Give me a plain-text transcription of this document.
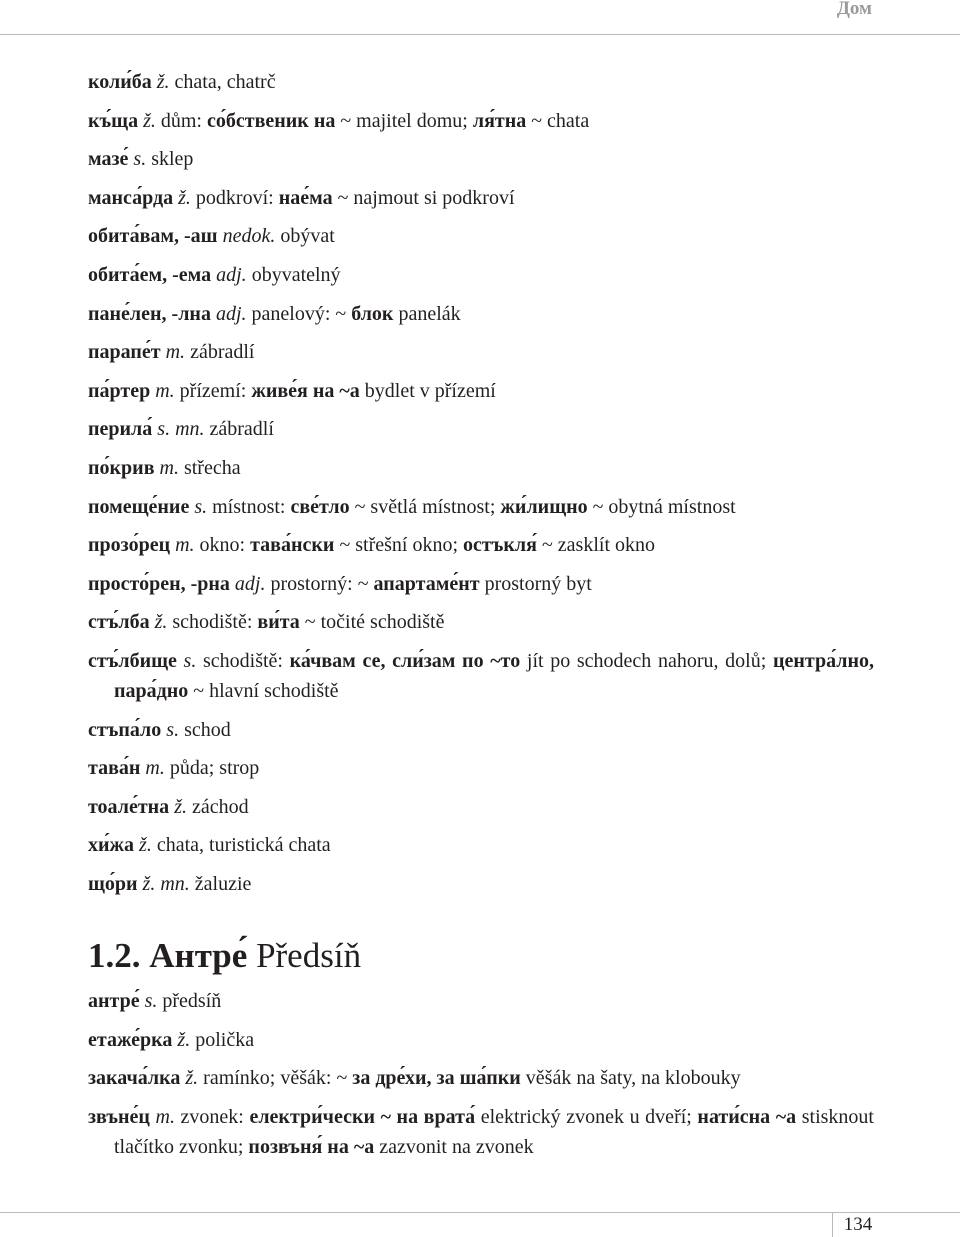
Дом

коли́ба ž. chata, chatrč

къ́ща ž. dům: со́бственик на ~ majitel domu; ля́тна ~ chata

мазе́ s. sklep

манса́рда ž. podkroví: нае́ма ~ najmout si podkroví

обита́вам, -аш nedok. obývat

обита́ем, -ема adj. obyvatelný

пане́лен, -лна adj. panelový: ~ блок panelák

парапе́т m. zábradlí

па́ртер m. přízemí: живе́я на ~а bydlet v přízemí

перила́ s. mn. zábradlí

по́крив m. střecha

помеще́ние s. místnost: све́тло ~ světlá místnost; жи́лищно ~ obytná místnost

прозо́рец m. okno: тава́нски ~ střešní okno; остъкля́ ~ zasklít okno

просто́рен, -рна adj. prostorný: ~ апартаме́нт prostorný byt

стъ́лба ž. schodiště: ви́та ~ točité schodiště

стъ́лбище s. schodiště: ка́чвам се, сли́зам по ~то jít po schodech nahoru, dolů; центра́лно, пара́дно ~ hlavní schodiště

стъпа́ло s. schod

тава́н m. půda; strop

тоале́тна ž. záchod

хи́жа ž. chata, turistická chata

що́ри ž. mn. žaluzie

1.2. Антре́ Předsíň

антре́ s. předsíň

етаже́рка ž. polička

закача́лка ž. ramínko; věšák: ~ за дре́хи, за ша́пки věšák na šaty, na klobouky

звъне́ц m. zvonek: електри́чески ~ на врата́ elektrický zvonek u dveří; нати́сна ~а stisknout tlačítko zvonku; позвъня́ на ~а zazvonit na zvonek

134
